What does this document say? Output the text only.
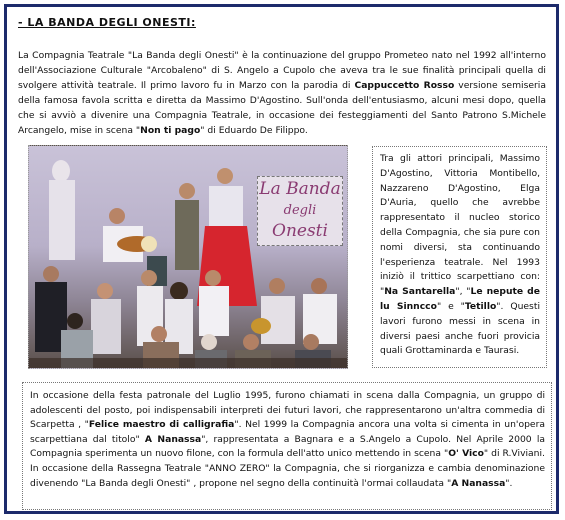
- LA BANDA DEGLI ONESTI:
La Compagnia Teatrale "La Banda degli Onesti" è la continuazione del gruppo Prometeo nato nel 1992 all'interno dell'Associazione Culturale "Arcobaleno" di S. Angelo a Cupolo che aveva tra le sue finalità principali quella di svolgere attività teatrale. Il primo lavoro fu in Marzo con la parodia di Cappuccetto Rosso versione semiseria della famosa favola scritta e diretta da Massimo D'Agostino. Sull'onda dell'entusiasmo, alcuni mesi dopo, quella che si avviò a divenire una Compagnia Teatrale, in occasione dei festeggiamenti del Santo Patrono S.Michele Arcangelo, mise in scena "Non ti pago" di Eduardo De Filippo.
La Banda
degli
Onesti
Tra gli attori principali, Massimo D'Agostino, Vittoria Montibello, Nazzareno D'Agostino, Elga D'Auria, quello che avrebbe rappresentato il nucleo storico della Compagnia, che sia pure con nomi diversi, sta continuando l'esperienza teatrale. Nel 1993 iniziò il trittico scarpettiano con: "Na Santarella", "Le nepute de lu Sinncco" e "Tetillo". Questi lavori furono messi in scena in diversi paesi anche fuori provicia quali Grottaminarda e Taurasi.
In occasione della festa patronale del Luglio 1995, furono chiamati in scena dalla Compagnia, un gruppo di adolescenti del posto, poi indispensabili interpreti dei futuri lavori, che rappresentarono un'altra commedia di Scarpetta , "Felice maestro di calligrafia". Nel 1999 la Compagnia ancora una volta si cimenta in un'opera scarpettiana dal titolo" A Nanassa", rappresentata a Bagnara e a S.Angelo a Cupolo. Nel Aprile 2000 la Compagnia sperimenta un nuovo filone, con la formula dell'atto unico mettendo in scena "O' Vico" di R.Viviani. In occasione della Rassegna Teatrale "ANNO ZERO" la Compagnia, che si riorganizza e cambia denominazione divenendo "La Banda degli Onesti" , propone nel segno della continuità l'ormai collaudata "A Nanassa".
